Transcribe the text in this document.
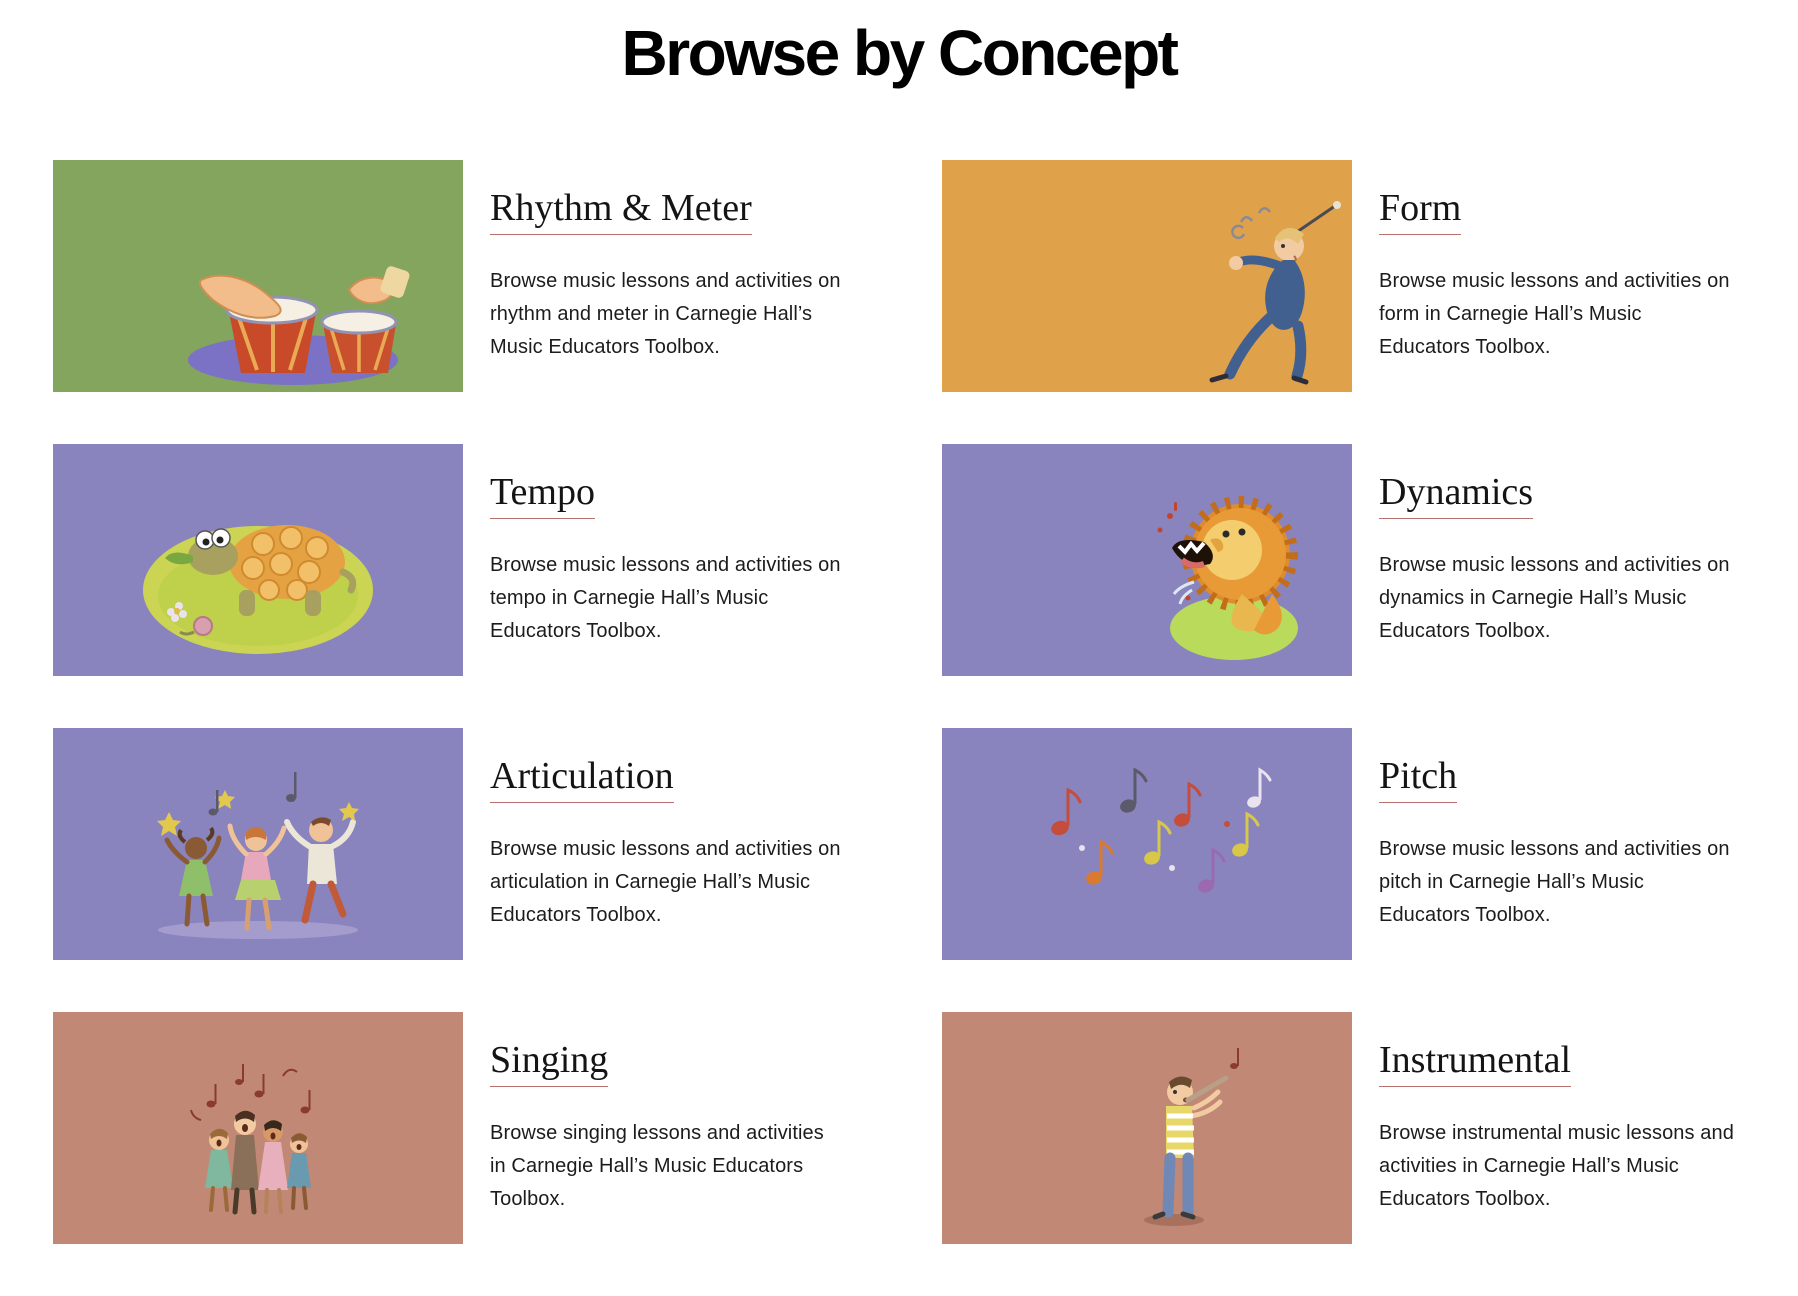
Browse by Concept
Rhythm & Meter

Browse music lessons and activities on rhythm and meter in Carnegie Hall’s Music Educators Toolbox.

Form

Browse music lessons and activities on form in Carnegie Hall’s Music Educators Toolbox.

Tempo

Browse music lessons and activities on tempo in Carnegie Hall’s Music Educators Toolbox.

Dynamics

Browse music lessons and activities on dynamics in Carnegie Hall’s Music Educators Toolbox.

Articulation

Browse music lessons and activities on articulation in Carnegie Hall’s Music Educators Toolbox.

Pitch

Browse music lessons and activities on pitch in Carnegie Hall’s Music Educators Toolbox.

Singing

Browse singing lessons and activities in Carnegie Hall’s Music Educators Toolbox.

Instrumental

Browse instrumental music lessons and activities in Carnegie Hall’s Music Educators Toolbox.
